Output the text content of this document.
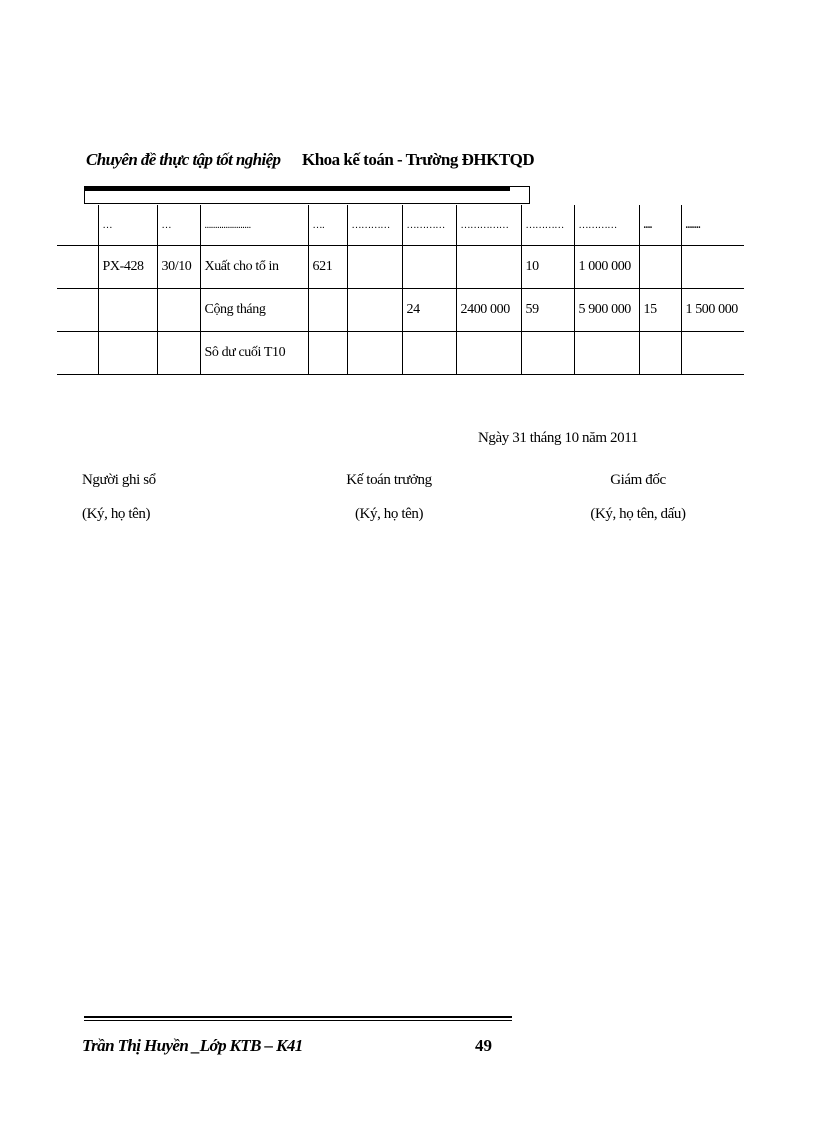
Chuyên đề thực tập tốt nghiệp Khoa kế toán - Trường ĐHKTQD
	…	…	......................	….	…………	…………	……………	…………	…………	....	.......
	PX-428	30/10	Xuất cho tổ in	621				10	1 000 000		
			Cộng tháng			24	2400 000	59	5 900 000	15	1 500 000
			Sô dư cuối T10								
Ngày 31 tháng 10 năm 2011
Người ghi sổ
(Ký, họ tên)
Kế toán trưởng
(Ký, họ tên)
Giám đốc
(Ký, họ tên, dấu)
Trần Thị Huyền _Lớp KTB – K41	49
